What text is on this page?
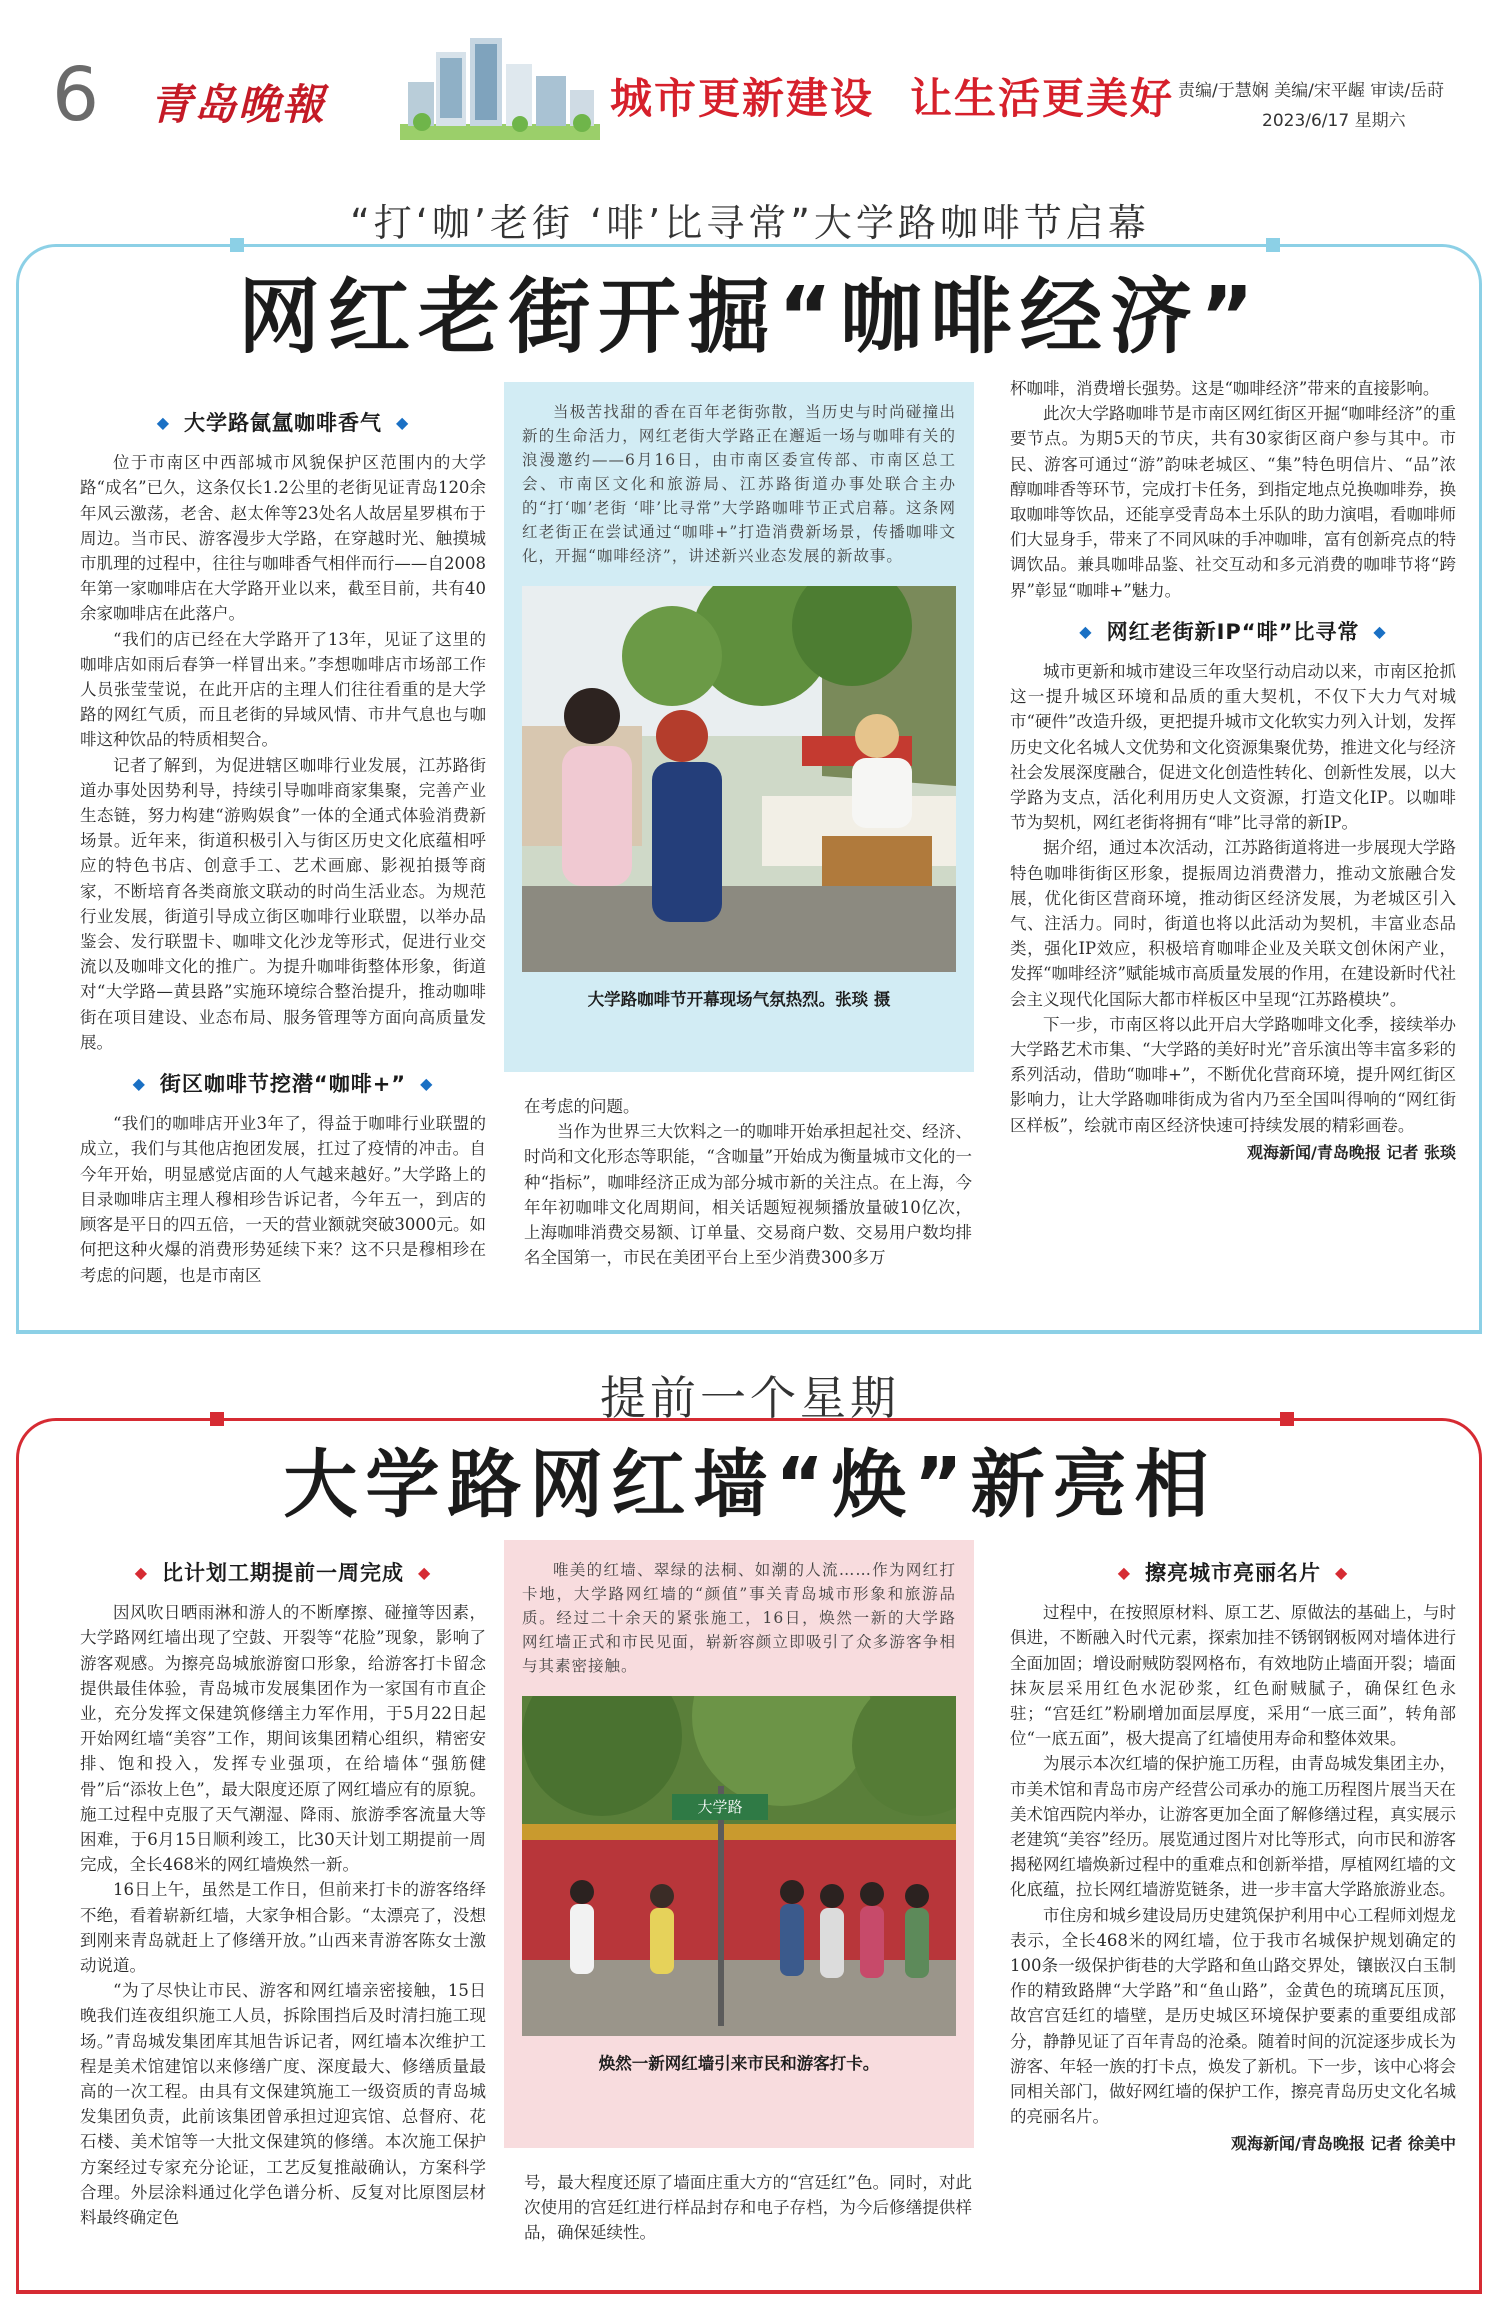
6 青岛晚報	城市更新建设 让生活更美好 责编/于慧娴 美编/宋平龌 审读/岳莳
2023/6/17 星期六
“打‘咖’老街 ‘啡’比寻常”大学路咖啡节启幕
网红老街开掘“咖啡经济”
◆ 大学路氤氲咖啡香气 ◆

位于市南区中西部城市风貌保护区范围内的大学路“成名”已久，这条仅长1.2公里的老街见证青岛120余年风云激荡，老舍、赵太侔等23处名人故居星罗棋布于周边。当市民、游客漫步大学路，在穿越时光、触摸城市肌理的过程中，往往与咖啡香气相伴而行——自2008年第一家咖啡店在大学路开业以来，截至目前，共有40余家咖啡店在此落户。

“我们的店已经在大学路开了13年，见证了这里的咖啡店如雨后春笋一样冒出来。”李想咖啡店市场部工作人员张莹莹说，在此开店的主理人们往往看重的是大学路的网红气质，而且老街的异域风情、市井气息也与咖啡这种饮品的特质相契合。

记者了解到，为促进辖区咖啡行业发展，江苏路街道办事处因势利导，持续引导咖啡商家集聚，完善产业生态链，努力构建“游购娱食”一体的全通式体验消费新场景。近年来，街道积极引入与街区历史文化底蕴相呼应的特色书店、创意手工、艺术画廊、影视拍摄等商家，不断培育各类商旅文联动的时尚生活业态。为规范行业发展，街道引导成立街区咖啡行业联盟，以举办品鉴会、发行联盟卡、咖啡文化沙龙等形式，促进行业交流以及咖啡文化的推广。为提升咖啡街整体形象，街道对“大学路—黄县路”实施环境综合整治提升，推动咖啡街在项目建设、业态布局、服务管理等方面向高质量发展。

◆ 街区咖啡节挖潜“咖啡+” ◆

“我们的咖啡店开业3年了，得益于咖啡行业联盟的成立，我们与其他店抱团发展，扛过了疫情的冲击。自今年开始，明显感觉店面的人气越来越好。”大学路上的目录咖啡店主理人穆相珍告诉记者，今年五一，到店的顾客是平日的四五倍，一天的营业额就突破3000元。如何把这种火爆的消费形势延续下来？这不只是穆相珍在考虑的问题，也是市南区

当极苦找甜的香在百年老街弥散，当历史与时尚碰撞出新的生命活力，网红老街大学路正在邂逅一场与咖啡有关的浪漫邀约——6月16日，由市南区委宣传部、市南区总工会、市南区文化和旅游局、江苏路街道办事处联合主办的“打‘咖’老街 ‘啡’比寻常”大学路咖啡节正式启幕。这条网红老街正在尝试通过“咖啡+”打造消费新场景，传播咖啡文化，开掘“咖啡经济”，讲述新兴业态发展的新故事。
大学路咖啡节开幕现场气氛热烈。张琰 摄

在考虑的问题。

当作为世界三大饮料之一的咖啡开始承担起社交、经济、时尚和文化形态等职能，“含咖量”开始成为衡量城市文化的一种“指标”，咖啡经济正成为部分城市新的关注点。在上海，今年年初咖啡文化周期间，相关话题短视频播放量破10亿次，上海咖啡消费交易额、订单量、交易商户数、交易用户数均排名全国第一，市民在美团平台上至少消费300多万

杯咖啡，消费增长强势。这是“咖啡经济”带来的直接影响。

此次大学路咖啡节是市南区网红街区开掘“咖啡经济”的重要节点。为期5天的节庆，共有30家街区商户参与其中。市民、游客可通过“游”韵味老城区、“集”特色明信片、“品”浓醇咖啡香等环节，完成打卡任务，到指定地点兑换咖啡券，换取咖啡等饮品，还能享受青岛本土乐队的助力演唱，看咖啡师们大显身手，带来了不同风味的手冲咖啡，富有创新亮点的特调饮品。兼具咖啡品鉴、社交互动和多元消费的咖啡节将“跨界”彰显“咖啡+”魅力。

◆ 网红老街新IP“啡”比寻常 ◆

城市更新和城市建设三年攻坚行动启动以来，市南区抢抓这一提升城区环境和品质的重大契机，不仅下大力气对城市“硬件”改造升级，更把提升城市文化软实力列入计划，发挥历史文化名城人文优势和文化资源集聚优势，推进文化与经济社会发展深度融合，促进文化创造性转化、创新性发展，以大学路为支点，活化利用历史人文资源，打造文化IP。以咖啡节为契机，网红老街将拥有“啡”比寻常的新IP。

据介绍，通过本次活动，江苏路街道将进一步展现大学路特色咖啡街街区形象，提振周边消费潜力，推动文旅融合发展，优化街区营商环境，推动街区经济发展，为老城区引入气、注活力。同时，街道也将以此活动为契机，丰富业态品类，强化IP效应，积极培育咖啡企业及关联文创休闲产业，发挥“咖啡经济”赋能城市高质量发展的作用，在建设新时代社会主义现代化国际大都市样板区中呈现“江苏路模块”。

下一步，市南区将以此开启大学路咖啡文化季，接续举办大学路艺术市集、“大学路的美好时光”音乐演出等丰富多彩的系列活动，借助“咖啡+”，不断优化营商环境，提升网红街区影响力，让大学路咖啡街成为省内乃至全国叫得响的“网红街区样板”，绘就市南区经济快速可持续发展的精彩画卷。

观海新闻/青岛晚报 记者 张琰
提前一个星期
大学路网红墙“焕”新亮相
◆ 比计划工期提前一周完成 ◆

因风吹日晒雨淋和游人的不断摩擦、碰撞等因素，大学路网红墙出现了空鼓、开裂等“花脸”现象，影响了游客观感。为擦亮岛城旅游窗口形象，给游客打卡留念提供最佳体验，青岛城市发展集团作为一家国有市直企业，充分发挥文保建筑修缮主力军作用，于5月22日起开始网红墙“美容”工作，期间该集团精心组织，精密安排、饱和投入，发挥专业强项，在给墙体“强筋健骨”后“添妆上色”，最大限度还原了网红墙应有的原貌。施工过程中克服了天气潮湿、降雨、旅游季客流量大等困难，于6月15日顺利竣工，比30天计划工期提前一周完成，全长468米的网红墙焕然一新。

16日上午，虽然是工作日，但前来打卡的游客络绎不绝，看着崭新红墙，大家争相合影。“太漂亮了，没想到刚来青岛就赶上了修缮开放。”山西来青游客陈女士激动说道。

“为了尽快让市民、游客和网红墙亲密接触，15日晚我们连夜组织施工人员，拆除围挡后及时清扫施工现场。”青岛城发集团库其旭告诉记者，网红墙本次维护工程是美术馆建馆以来修缮广度、深度最大、修缮质量最高的一次工程。由具有文保建筑施工一级资质的青岛城发集团负责，此前该集团曾承担过迎宾馆、总督府、花石楼、美术馆等一大批文保建筑的修缮。本次施工保护方案经过专家充分论证，工艺反复推敲确认，方案科学合理。外层涂料通过化学色谱分析、反复对比原图层材料最终确定色

唯美的红墙、翠绿的法桐、如潮的人流……作为网红打卡地，大学路网红墙的“颜值”事关青岛城市形象和旅游品质。经过二十余天的紧张施工，16日，焕然一新的大学路网红墙正式和市民见面，崭新容颜立即吸引了众多游客争相与其素密接触。
大学路
焕然一新网红墙引来市民和游客打卡。

号，最大程度还原了墙面庄重大方的“宫廷红”色。同时，对此次使用的宫廷红进行样品封存和电子存档，为今后修缮提供样品，确保延续性。

◆ 擦亮城市亮丽名片 ◆

过程中，在按照原材料、原工艺、原做法的基础上，与时俱进，不断融入时代元素，探索加挂不锈钢钢板网对墙体进行全面加固；增设耐贼防裂网格布，有效地防止墙面开裂；墙面抹灰层采用红色水泥砂浆，红色耐贼腻子，确保红色永驻；“宫廷红”粉刷增加面层厚度，采用“一底三面”，转角部位“一底五面”，极大提高了红墙使用寿命和整体效果。

为展示本次红墙的保护施工历程，由青岛城发集团主办，市美术馆和青岛市房产经营公司承办的施工历程图片展当天在美术馆西院内举办，让游客更加全面了解修缮过程，真实展示老建筑“美容”经历。展览通过图片对比等形式，向市民和游客揭秘网红墙焕新过程中的重难点和创新举措，厚植网红墙的文化底蕴，拉长网红墙游览链条，进一步丰富大学路旅游业态。

市住房和城乡建设局历史建筑保护利用中心工程师刘煜龙表示，全长468米的网红墙，位于我市名城保护规划确定的100条一级保护街巷的大学路和鱼山路交界处，镶嵌汉白玉制作的精致路牌“大学路”和“鱼山路”，金黄色的琉璃瓦压顶，故宫宫廷红的墙壁，是历史城区环境保护要素的重要组成部分，静静见证了百年青岛的沧桑。随着时间的沉淀逐步成长为游客、年轻一族的打卡点，焕发了新机。下一步，该中心将会同相关部门，做好网红墙的保护工作，擦亮青岛历史文化名城的亮丽名片。

观海新闻/青岛晚报 记者 徐美中
